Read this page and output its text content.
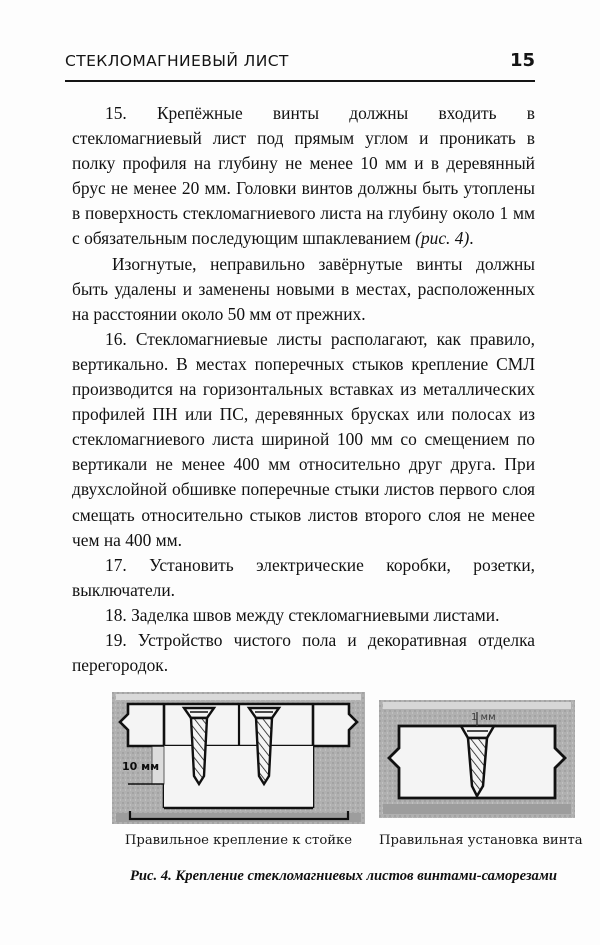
СТЕКЛОМАГНИЕВЫЙ ЛИСТ	15

15. Крепёжные винты должны входить в стекломагниевый лист под прямым углом и проникать в полку профиля на глубину не менее 10 мм и в деревянный брус не менее 20 мм. Головки винтов должны быть утоплены в поверхность стекломагниевого листа на глубину около 1 мм с обязательным последующим шпаклеванием (рис. 4).

Изогнутые, неправильно завёрнутые винты должны быть удалены и заменены новыми в местах, расположенных на расстоянии около 50 мм от прежних.

16. Стекломагниевые листы располагают, как правило, вертикально. В местах поперечных стыков крепление СМЛ производится на горизонтальных вставках из металлических профилей ПН или ПС, деревянных брусках или полосах из стекломагниевого листа шириной 100 мм со смещением по вертикали не менее 400 мм относительно друг друга. При двухслойной обшивке поперечные стыки листов первого слоя смещать относительно стыков листов второго слоя не менее чем на 400 мм.

17. Установить электрические коробки, розетки, выключатели.

18. Заделка швов между стекломагниевыми листами.

19. Устройство чистого пола и декоративная отделка перегородок.

10 мм
1 мм
Правильное крепление к стойке	Правильная установка винта
Рис. 4. Крепление стекломагниевых листов винтами-саморезами
